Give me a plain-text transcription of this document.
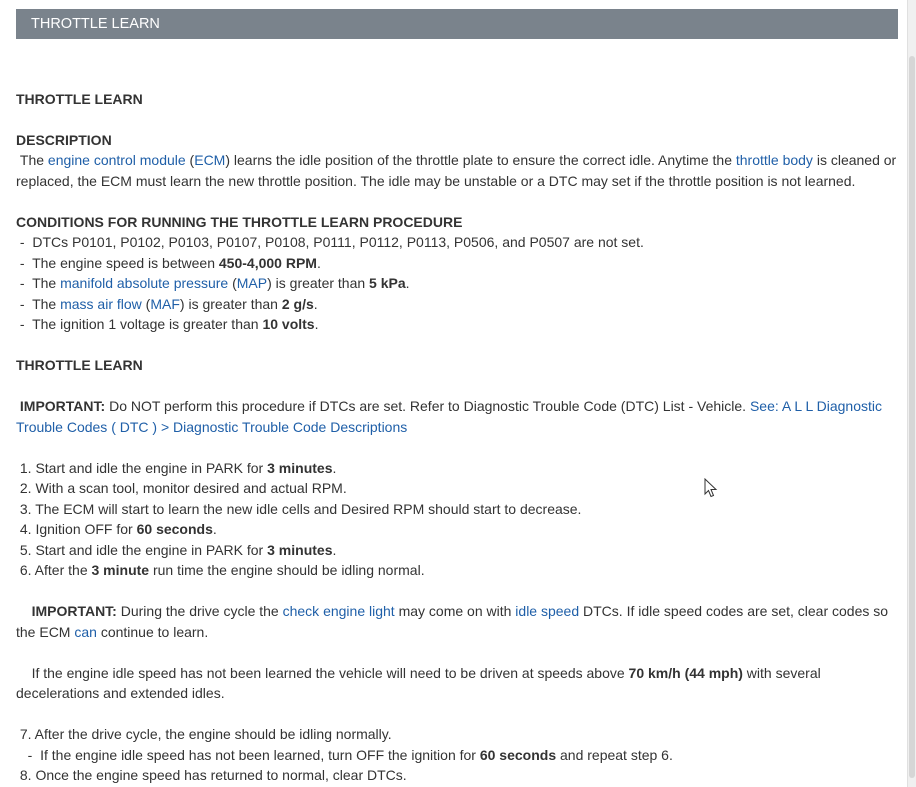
THROTTLE LEARN

THROTTLE LEARN

DESCRIPTION

The engine control module (ECM) learns the idle position of the throttle plate to ensure the correct idle. Anytime the throttle body is cleaned or replaced, the ECM must learn the new throttle position. The idle may be unstable or a DTC may set if the throttle position is not learned.

CONDITIONS FOR RUNNING THE THROTTLE LEARN PROCEDURE

-  DTCs P0101, P0102, P0103, P0107, P0108, P0111, P0112, P0113, P0506, and P0507 are not set.

-  The engine speed is between 450-4,000 RPM.

-  The manifold absolute pressure (MAP) is greater than 5 kPa.

-  The mass air flow (MAF) is greater than 2 g/s.

-  The ignition 1 voltage is greater than 10 volts.

THROTTLE LEARN

IMPORTANT: Do NOT perform this procedure if DTCs are set. Refer to Diagnostic Trouble Code (DTC) List - Vehicle. See: A L L Diagnostic Trouble Codes ( DTC ) > Diagnostic Trouble Code Descriptions

1. Start and idle the engine in PARK for 3 minutes.

2. With a scan tool, monitor desired and actual RPM.

3. The ECM will start to learn the new idle cells and Desired RPM should start to decrease.

4. Ignition OFF for 60 seconds.

5. Start and idle the engine in PARK for 3 minutes.

6. After the 3 minute run time the engine should be idling normal.

IMPORTANT: During the drive cycle the check engine light may come on with idle speed DTCs. If idle speed codes are set, clear codes so the ECM can continue to learn.

If the engine idle speed has not been learned the vehicle will need to be driven at speeds above 70 km/h (44 mph) with several decelerations and extended idles.

7. After the drive cycle, the engine should be idling normally.

-  If the engine idle speed has not been learned, turn OFF the ignition for 60 seconds and repeat step 6.

8. Once the engine speed has returned to normal, clear DTCs.
